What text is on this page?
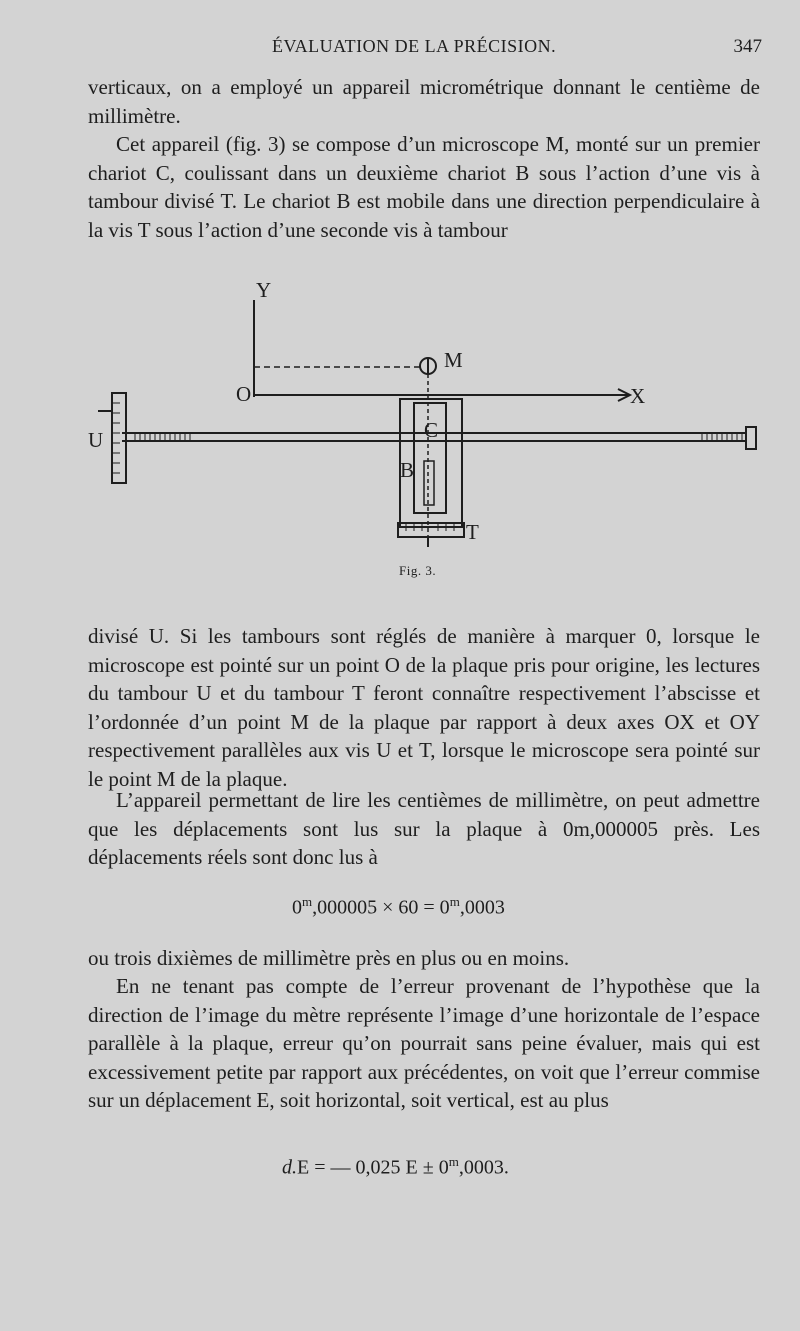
ÉVALUATION DE LA PRÉCISION.	347

verticaux, on a employé un appareil micrométrique donnant le centième de millimètre.

Cet appareil (fig. 3) se compose d’un microscope M, monté sur un premier chariot C, coulissant dans un deuxième chariot B sous l’action d’une vis à tambour divisé T. Le chariot B est mobile dans une direction perpendiculaire à la vis T sous l’action d’une seconde vis à tambour

Y
X
O
M
C
B
T
U
Fig. 3.

divisé U. Si les tambours sont réglés de manière à marquer 0, lorsque le microscope est pointé sur un point O de la plaque pris pour origine, les lectures du tambour U et du tambour T feront connaître respectivement l’abscisse et l’ordonnée d’un point M de la plaque par rapport à deux axes OX et OY respectivement parallèles aux vis U et T, lorsque le microscope sera pointé sur le point M de la plaque.

L’appareil permettant de lire les centièmes de millimètre, on peut admettre que les déplacements sont lus sur la plaque à 0m,000005 près. Les déplacements réels sont donc lus à

$0^m,000005 \times 60 = 0^m,0003$

ou trois dixièmes de millimètre près en plus ou en moins.

En ne tenant pas compte de l’erreur provenant de l’hypothèse que la direction de l’image du mètre représente l’image d’une horizontale de l’espace parallèle à la plaque, erreur qu’on pourrait sans peine évaluer, mais qui est excessivement petite par rapport aux précédentes, on voit que l’erreur commise sur un déplacement E, soit horizontal, soit vertical, est au plus

d.E = — 0,025 $E \pm 0^m,0003$.
